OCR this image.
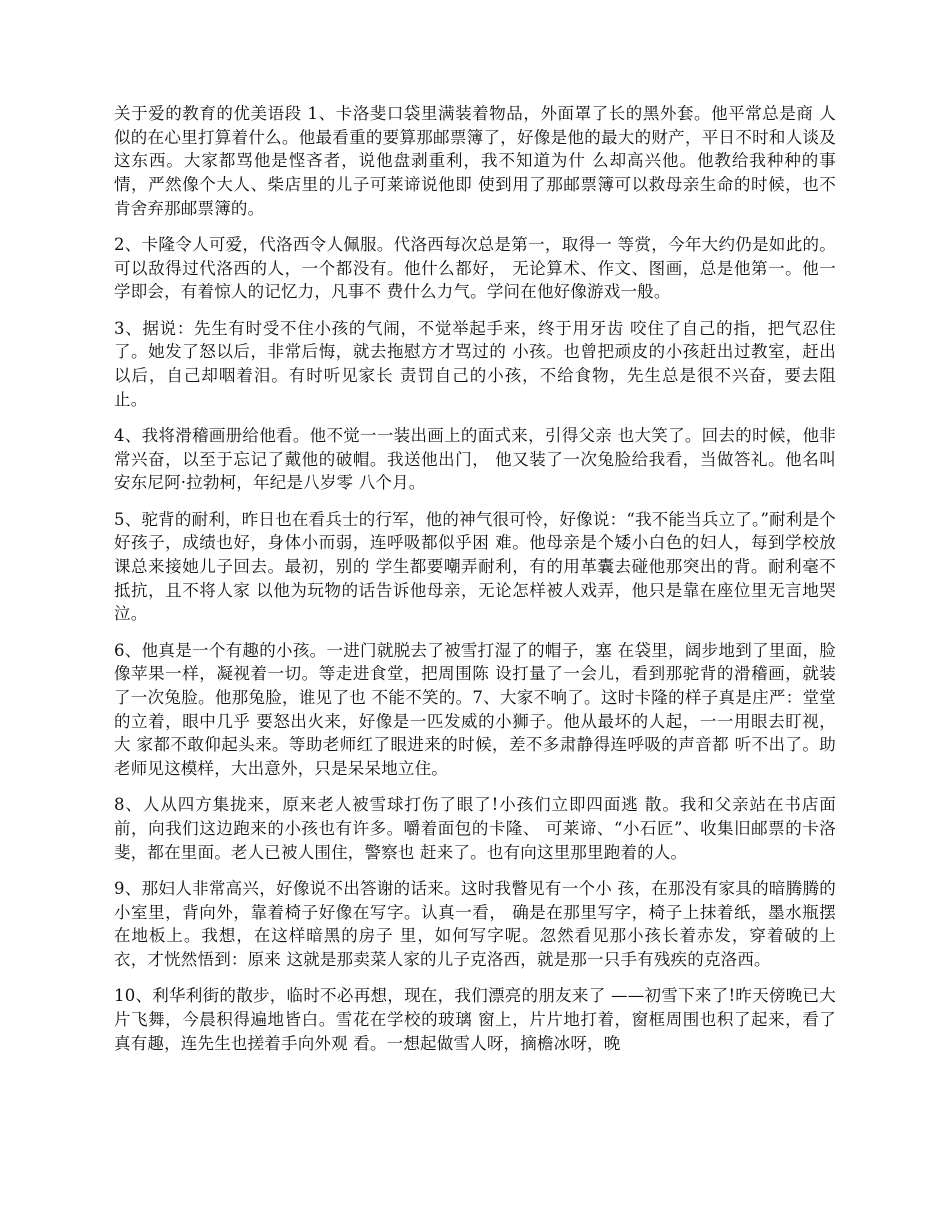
关于爱的教育的优美语段 1、卡洛斐口袋里满装着物品，外面罩了长的黑外套。他平常总是商 人似的在心里打算着什么。他最看重的要算那邮票簿了，好像是他的最大的财产，平日不时和人谈及这东西。大家都骂他是悭吝者，说他盘剥重利，我不知道为什 么却高兴他。他教给我种种的事情，严然像个大人、柴店里的儿子可莱谛说他即 使到用了那邮票簿可以救母亲生命的时候，也不肯舍弃那邮票簿的。

2、卡隆令人可爱，代洛西令人佩服。代洛西每次总是第一，取得一 等赏，今年大约仍是如此的。可以敌得过代洛西的人，一个都没有。他什么都好， 无论算术、作文、图画，总是他第一。他一学即会，有着惊人的记忆力，凡事不 费什么力气。学问在他好像游戏一般。

3、据说：先生有时受不住小孩的气闹，不觉举起手来，终于用牙齿 咬住了自己的指，把气忍住了。她发了怒以后，非常后悔，就去拖慰方才骂过的 小孩。也曾把顽皮的小孩赶出过教室，赶出以后，自己却咽着泪。有时听见家长 责罚自己的小孩，不给食物，先生总是很不兴奋，要去阻止。

4、我将滑稽画册给他看。他不觉一一装出画上的面式来，引得父亲 也大笑了。回去的时候，他非常兴奋，以至于忘记了戴他的破帽。我送他出门， 他又装了一次兔脸给我看，当做答礼。他名叫安东尼阿·拉勃柯，年纪是八岁零 八个月。

5、驼背的耐利，昨日也在看兵士的行军，他的神气很可怜，好像说：“我不能当兵立了。”耐利是个好孩子，成绩也好，身体小而弱，连呼吸都似乎困 难。他母亲是个矮小白色的妇人，每到学校放课总来接她儿子回去。最初，别的 学生都要嘲弄耐利，有的用革囊去碰他那突出的背。耐利毫不抵抗，且不将人家 以他为玩物的话告诉他母亲，无论怎样被人戏弄，他只是靠在座位里无言地哭泣。

6、他真是一个有趣的小孩。一进门就脱去了被雪打湿了的帽子，塞 在袋里，阔步地到了里面，脸像苹果一样，凝视着一切。等走进食堂，把周围陈 设打量了一会儿，看到那驼背的滑稽画，就装了一次兔脸。他那兔脸，谁见了也 不能不笑的。7、大家不响了。这时卡隆的样子真是庄严：堂堂的立着，眼中几乎 要怒出火来，好像是一匹发威的小狮子。他从最坏的人起，一一用眼去盯视，大 家都不敢仰起头来。等助老师红了眼进来的时候，差不多肃静得连呼吸的声音都 听不出了。助老师见这模样，大出意外，只是呆呆地立住。

8、人从四方集拢来，原来老人被雪球打伤了眼了!小孩们立即四面逃 散。我和父亲站在书店面前，向我们这边跑来的小孩也有许多。嚼着面包的卡隆、 可莱谛、“小石匠”、收集旧邮票的卡洛斐，都在里面。老人已被人围住，警察也 赶来了。也有向这里那里跑着的人。

9、那妇人非常高兴，好像说不出答谢的话来。这时我瞥见有一个小 孩，在那没有家具的暗腾腾的小室里，背向外，靠着椅子好像在写字。认真一看， 确是在那里写字，椅子上抹着纸，墨水瓶摆在地板上。我想，在这样暗黑的房子 里，如何写字呢。忽然看见那小孩长着赤发，穿着破的上衣，才恍然悟到：原来 这就是那卖菜人家的儿子克洛西，就是那一只手有残疾的克洛西。

10、利华利街的散步，临时不必再想，现在，我们漂亮的朋友来了 ——初雪下来了!昨天傍晚已大片飞舞，今晨积得遍地皆白。雪花在学校的玻璃 窗上，片片地打着，窗框周围也积了起来，看了真有趣，连先生也搓着手向外观 看。一想起做雪人呀，摘檐冰呀，晚
